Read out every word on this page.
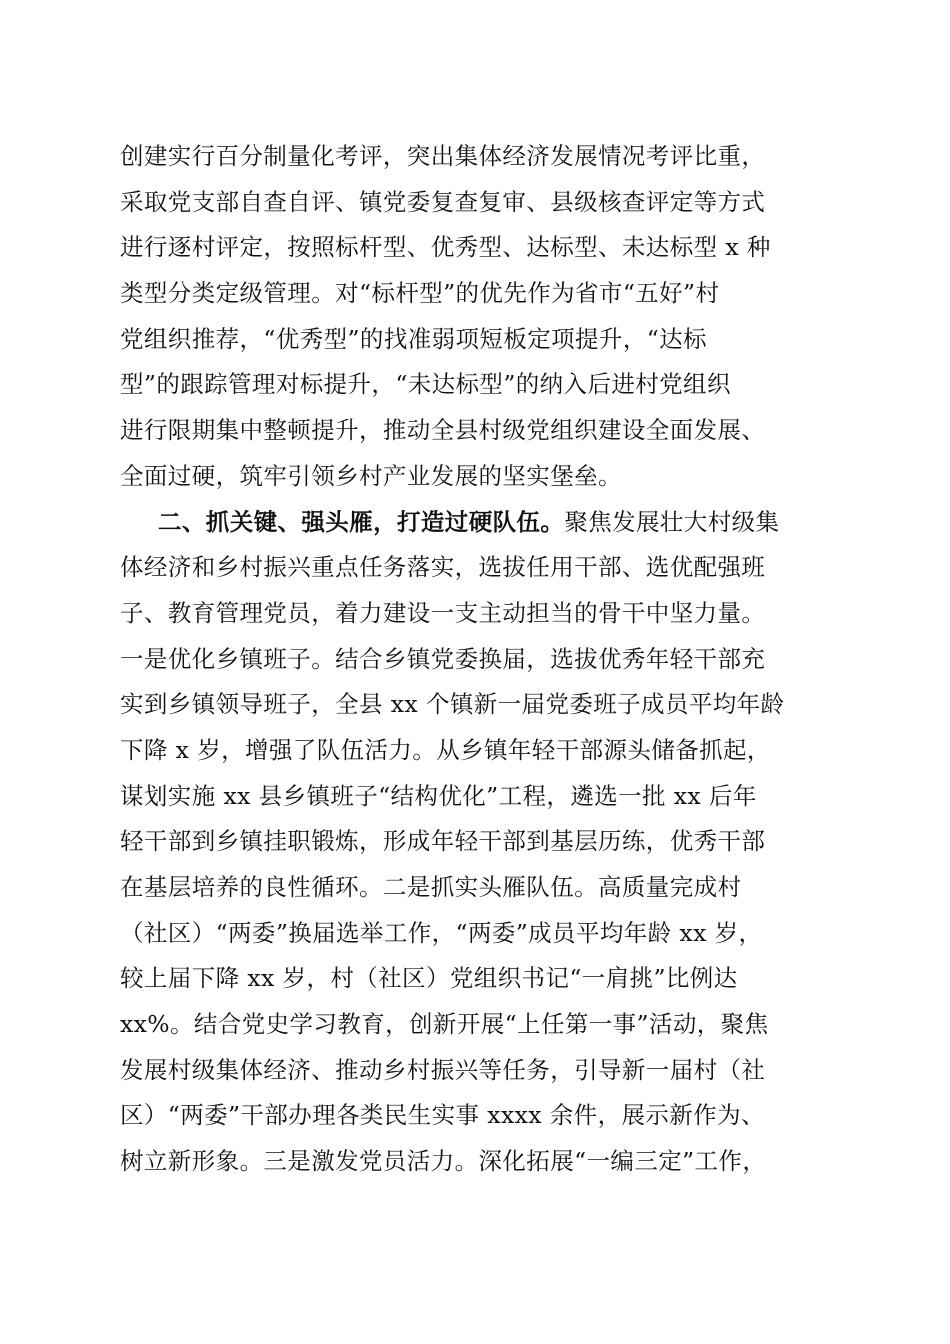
创建实行百分制量化考评，突出集体经济发展情况考评比重，
采取党支部自查自评、镇党委复查复审、县级核查评定等方式
进行逐村评定，按照标杆型、优秀型、达标型、未达标型 x 种
类型分类定级管理。对“标杆型”的优先作为省市“五好”村
党组织推荐，“优秀型”的找准弱项短板定项提升，“达标
型”的跟踪管理对标提升，“未达标型”的纳入后进村党组织
进行限期集中整顿提升，推动全县村级党组织建设全面发展、
全面过硬，筑牢引领乡村产业发展的坚实堡垒。
二、抓关键、强头雁，打造过硬队伍。聚焦发展壮大村级集
体经济和乡村振兴重点任务落实，选拔任用干部、选优配强班
子、教育管理党员，着力建设一支主动担当的骨干中坚力量。
一是优化乡镇班子。结合乡镇党委换届，选拔优秀年轻干部充
实到乡镇领导班子，全县 xx 个镇新一届党委班子成员平均年龄
下降 x 岁，增强了队伍活力。从乡镇年轻干部源头储备抓起，
谋划实施 xx 县乡镇班子“结构优化”工程，遴选一批 xx 后年
轻干部到乡镇挂职锻炼，形成年轻干部到基层历练，优秀干部
在基层培养的良性循环。二是抓实头雁队伍。高质量完成村
（社区）“两委”换届选举工作，“两委”成员平均年龄 xx 岁，
较上届下降 xx 岁，村（社区）党组织书记“一肩挑”比例达
xx%。结合党史学习教育，创新开展“上任第一事”活动，聚焦
发展村级集体经济、推动乡村振兴等任务，引导新一届村（社
区）“两委”干部办理各类民生实事 xxxx 余件，展示新作为、
树立新形象。三是激发党员活力。深化拓展“一编三定”工作，
